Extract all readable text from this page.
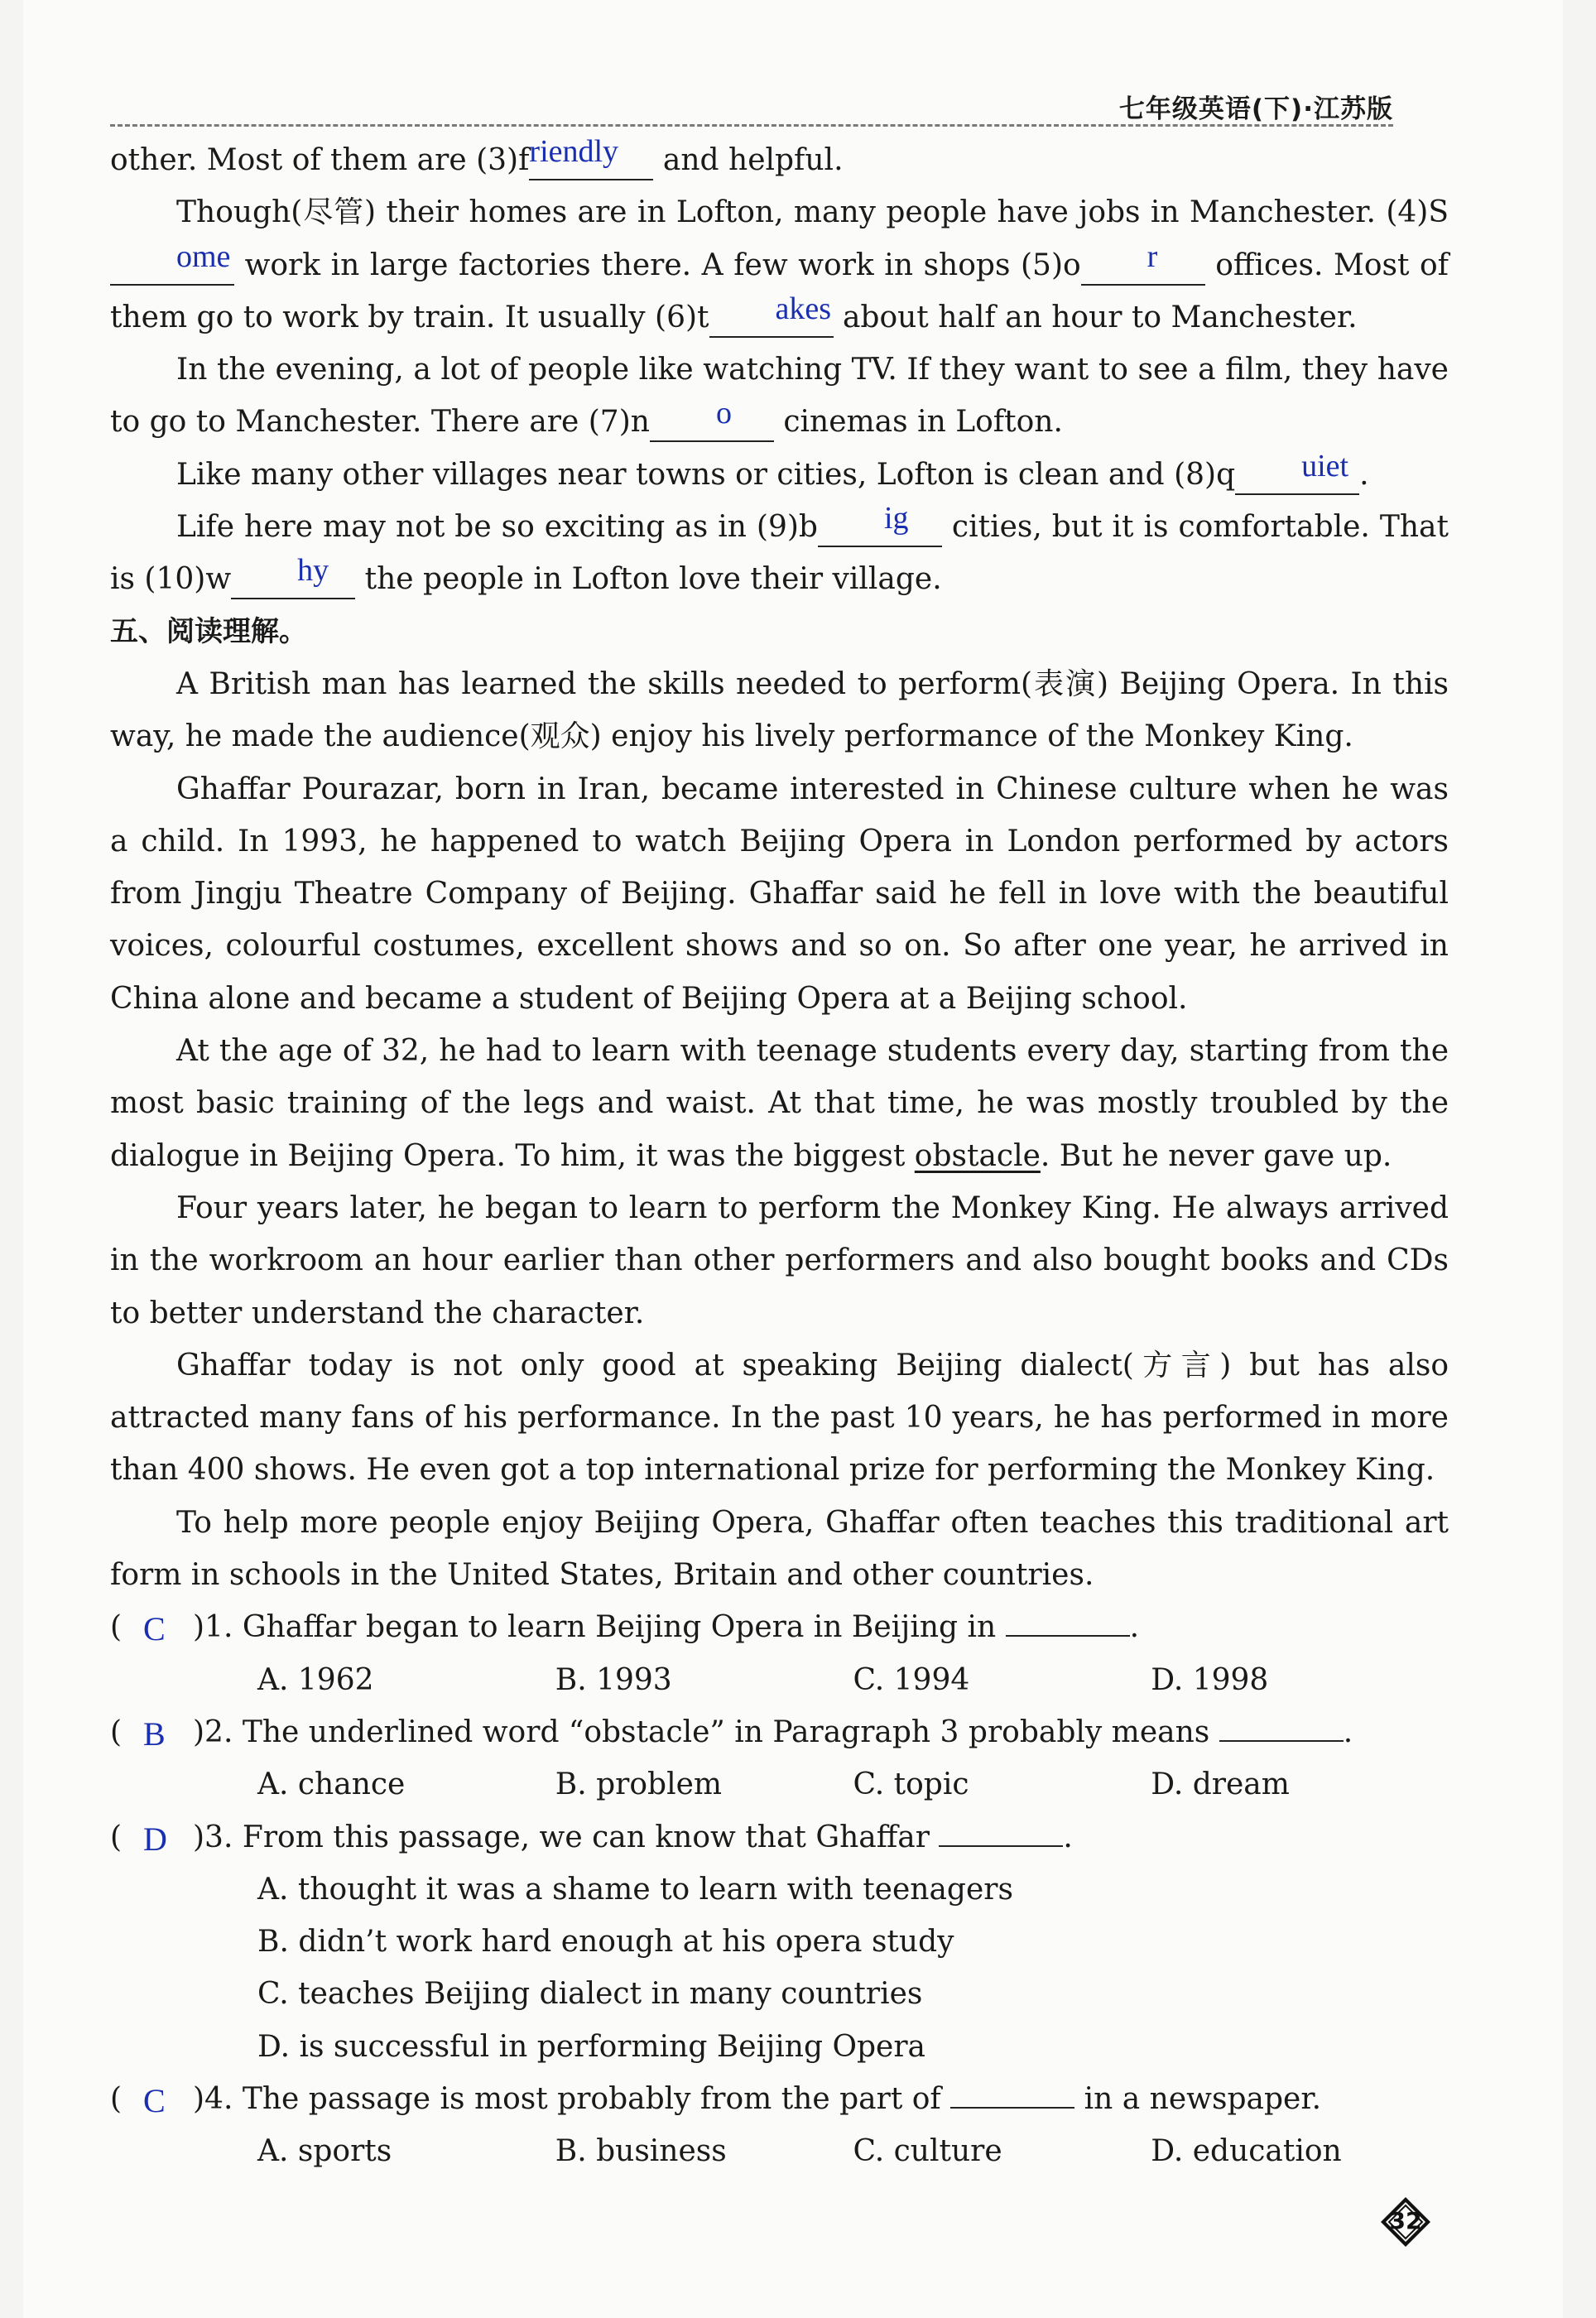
七年级英语(下)·江苏版

other. Most of them are (3)friendly and helpful.

Though(尽管) their homes are in Lofton, many people have jobs in Manchester. (4)Some work in large factories there. A few work in shops (5)o r offices. Most of them go to work by train. It usually (6)t akes about half an hour to Manchester.

In the evening, a lot of people like watching TV. If they want to see a film, they have to go to Manchester. There are (7)n o cinemas in Lofton.

Like many other villages near towns or cities, Lofton is clean and (8)q uiet .

Life here may not be so exciting as in (9)b ig cities, but it is comfortable. That is (10)w hy the people in Lofton love their village.

五、阅读理解。

A British man has learned the skills needed to perform(表演) Beijing Opera. In this way, he made the audience(观众) enjoy his lively performance of the Monkey King.

Ghaffar Pourazar, born in Iran, became interested in Chinese culture when he was a child. In 1993, he happened to watch Beijing Opera in London performed by actors from Jingju Theatre Company of Beijing. Ghaffar said he fell in love with the beautiful voices, colourful costumes, excellent shows and so on. So after one year, he arrived in China alone and became a student of Beijing Opera at a Beijing school.

At the age of 32, he had to learn with teenage students every day, starting from the most basic training of the legs and waist. At that time, he was mostly troubled by the dialogue in Beijing Opera. To him, it was the biggest obstacle. But he never gave up.

Four years later, he began to learn to perform the Monkey King. He always arrived in the workroom an hour earlier than other performers and also bought books and CDs to better understand the character.

Ghaffar today is not only good at speaking Beijing dialect(方言) but has also attracted many fans of his performance. In the past 10 years, he has performed in more than 400 shows. He even got a top international prize for performing the Monkey King.

To help more people enjoy Beijing Opera, Ghaffar often teaches this traditional art form in schools in the United States, Britain and other countries.

( C )1. Ghaffar began to learn Beijing Opera in Beijing in	.

A. 1962	B. 1993	C. 1994	D. 1998

( B )2. The underlined word “obstacle” in Paragraph 3 probably means	.

A. chance	B. problem	C. topic	D. dream

( D )3. From this passage, we can know that Ghaffar	.

A. thought it was a shame to learn with teenagers

B. didn’t work hard enough at his opera study

C. teaches Beijing dialect in many countries

D. is successful in performing Beijing Opera

( C )4. The passage is most probably from the part of	in a newspaper.

A. sports	B. business	C. culture	D. education
32
